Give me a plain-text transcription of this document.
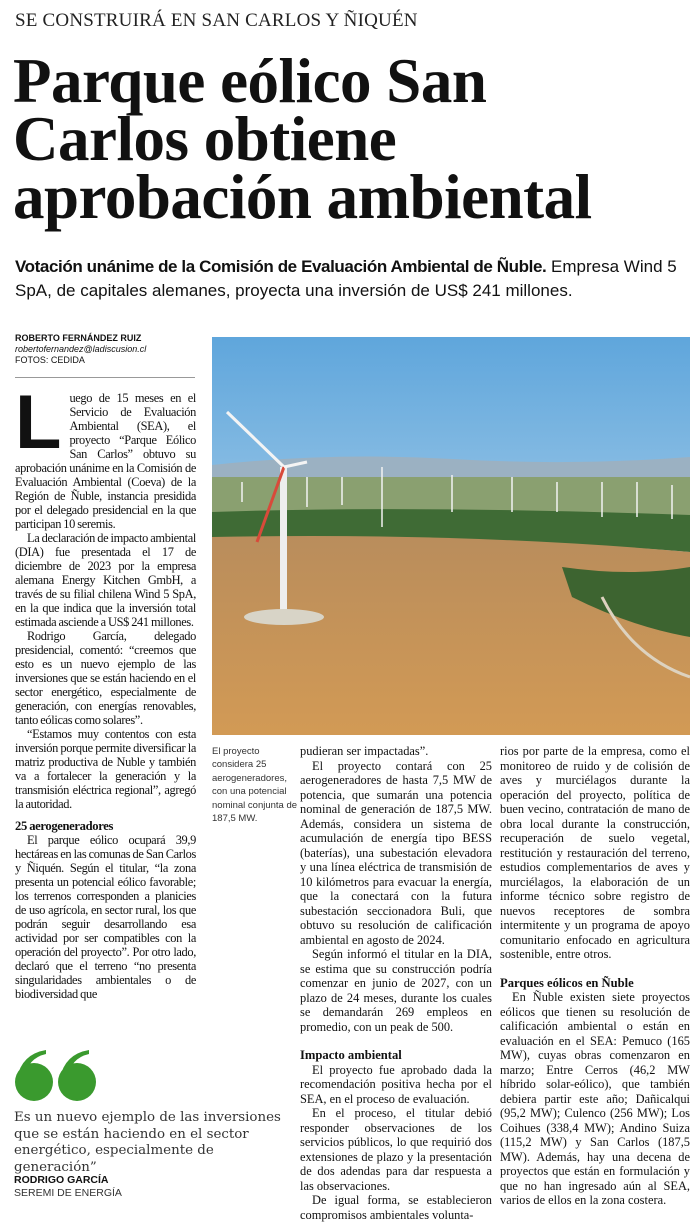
SE CONSTRUIRÁ EN SAN CARLOS Y ÑIQUÉN
Parque eólico San
Carlos obtiene
aprobación ambiental
Votación unánime de la Comisión de Evaluación Ambiental de Ñuble. Empresa Wind 5 SpA, de capitales alemanes, proyecta una inversión de US$ 241 millones.
ROBERTO FERNÁNDEZ RUIZ
robertofernandez@ladiscusion.cl
FOTOS: CEDIDA

Luego de 15 meses en el Servicio de Evaluación Ambiental (SEA), el proyecto “Parque Eólico San Carlos” obtuvo su aprobación unánime en la Comisión de Evaluación Ambiental (Coeva) de la Región de Ñuble, instancia presidida por el delegado presidencial en la que participan 10 seremis.

La declaración de impacto ambiental (DIA) fue presentada el 17 de diciembre de 2023 por la empresa alemana Energy Kitchen GmbH, a través de su filial chilena Wind 5 SpA, en la que indica que la inversión total estimada asciende a US$ 241 millones.

Rodrigo García, delegado presidencial, comentó: “creemos que esto es un nuevo ejemplo de las inversiones que se están haciendo en el sector energético, especialmente de generación, con energías renovables, tanto eólicas como solares”.

“Estamos muy contentos con esta inversión porque permite diversificar la matriz productiva de Nuble y también va a fortalecer la generación y la transmisión eléctrica regional”, agregó la autoridad.

25 aerogeneradores

El parque eólico ocupará 39,9 hectáreas en las comunas de San Carlos y Ñiquén. Según el titular, “la zona presenta un potencial eólico favorable; los terrenos corresponden a planicies de uso agrícola, en sector rural, los que podrán seguir desarrollando esa actividad por ser compatibles con la operación del proyecto”. Por otro lado, declaró que el terreno “no presenta singularidades ambientales o de biodiversidad que

El proyecto considera 25 aerogeneradores, con una potencial nominal conjunta de 187,5 MW.

pudieran ser impactadas”.

El proyecto contará con 25 aerogeneradores de hasta 7,5 MW de potencia, que sumarán una potencia nominal de generación de 187,5 MW. Además, considera un sistema de acumulación de energía tipo BESS (baterías), una subestación elevadora y una línea eléctrica de transmisión de 10 kilómetros para evacuar la energía, que la conectará con la futura subestación seccionadora Buli, que obtuvo su resolución de calificación ambiental en agosto de 2024.

Según informó el titular en la DIA, se estima que su construcción podría comenzar en junio de 2027, con un plazo de 24 meses, durante los cuales se demandarán 269 empleos en promedio, con un peak de 500.

Impacto ambiental

El proyecto fue aprobado dada la recomendación positiva hecha por el SEA, en el proceso de evaluación.

En el proceso, el titular debió responder observaciones de los servicios públicos, lo que requirió dos extensiones de plazo y la presentación de dos adendas para dar respuesta a las observaciones.

De igual forma, se establecieron compromisos ambientales volunta-

rios por parte de la empresa, como el monitoreo de ruido y de colisión de aves y murciélagos durante la operación del proyecto, política de buen vecino, contratación de mano de obra local durante la construcción, recuperación de suelo vegetal, restitución y restauración del terreno, estudios complementarios de aves y murciélagos, la elaboración de un informe técnico sobre registro de nuevos receptores de sombra intermitente y un programa de apoyo comunitario enfocado en agricultura sostenible, entre otros.

Parques eólicos en Ñuble

En Ñuble existen siete proyectos eólicos que tienen su resolución de calificación ambiental o están en evaluación en el SEA: Pemuco (165 MW), cuyas obras comenzaron en marzo; Entre Cerros (46,2 MW híbrido solar-eólico), que también debiera partir este año; Dañicalqui (95,2 MW); Culenco (256 MW); Los Coihues (338,4 MW); Andino Suiza (115,2 MW) y San Carlos (187,5 MW). Además, hay una decena de proyectos que están en formulación y que no han ingresado aún al SEA, varios de ellos en la zona costera.

Es un nuevo ejemplo de las inversiones que se están haciendo en el sector energético, especialmente de generación”
RODRIGO GARCÍA
SEREMI DE ENERGÍA
